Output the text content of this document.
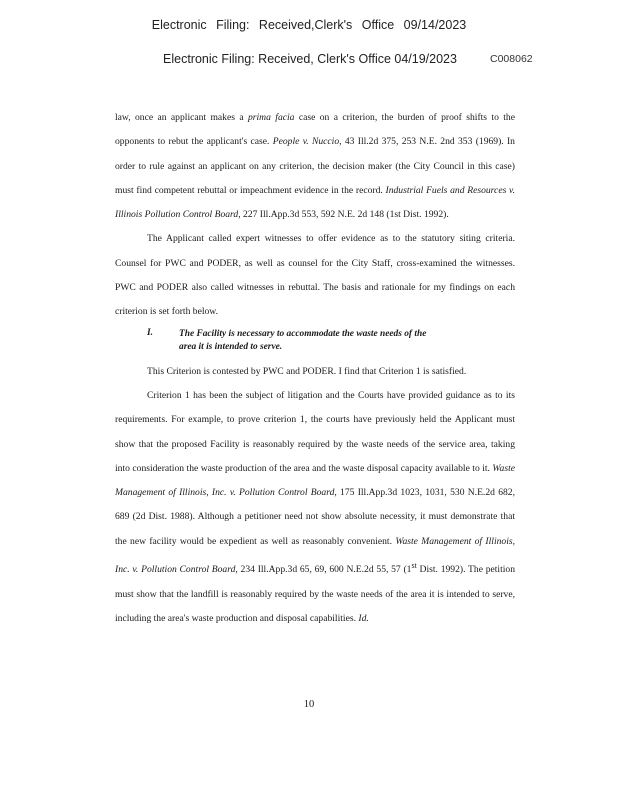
Electronic Filing: Received,Clerk's Office 09/14/2023
Electronic Filing: Received, Clerk's Office 04/19/2023	C008062

law, once an applicant makes a prima facia case on a criterion, the burden of proof shifts to the opponents to rebut the applicant's case. People v. Nuccio, 43 Ill.2d 375, 253 N.E. 2nd 353 (1969). In order to rule against an applicant on any criterion, the decision maker (the City Council in this case) must find competent rebuttal or impeachment evidence in the record. Industrial Fuels and Resources v. Illinois Pollution Control Board, 227 Ill.App.3d 553, 592 N.E. 2d 148 (1st Dist. 1992).

The Applicant called expert witnesses to offer evidence as to the statutory siting criteria. Counsel for PWC and PODER, as well as counsel for the City Staff, cross-examined the witnesses. PWC and PODER also called witnesses in rebuttal. The basis and rationale for my findings on each criterion is set forth below.

I.	The Facility is necessary to accommodate the waste needs of the area it is intended to serve.

This Criterion is contested by PWC and PODER. I find that Criterion 1 is satisfied.

Criterion 1 has been the subject of litigation and the Courts have provided guidance as to its requirements. For example, to prove criterion 1, the courts have previously held the Applicant must show that the proposed Facility is reasonably required by the waste needs of the service area, taking into consideration the waste production of the area and the waste disposal capacity available to it. Waste Management of Illinois, Inc. v. Pollution Control Board, 175 Ill.App.3d 1023, 1031, 530 N.E.2d 682, 689 (2d Dist. 1988). Although a petitioner need not show absolute necessity, it must demonstrate that the new facility would be expedient as well as reasonably convenient. Waste Management of Illinois, Inc. v. Pollution Control Board, 234 Ill.App.3d 65, 69, 600 N.E.2d 55, 57 (1st Dist. 1992). The petition must show that the landfill is reasonably required by the waste needs of the area it is intended to serve, including the area's waste production and disposal capabilities. Id.

10
